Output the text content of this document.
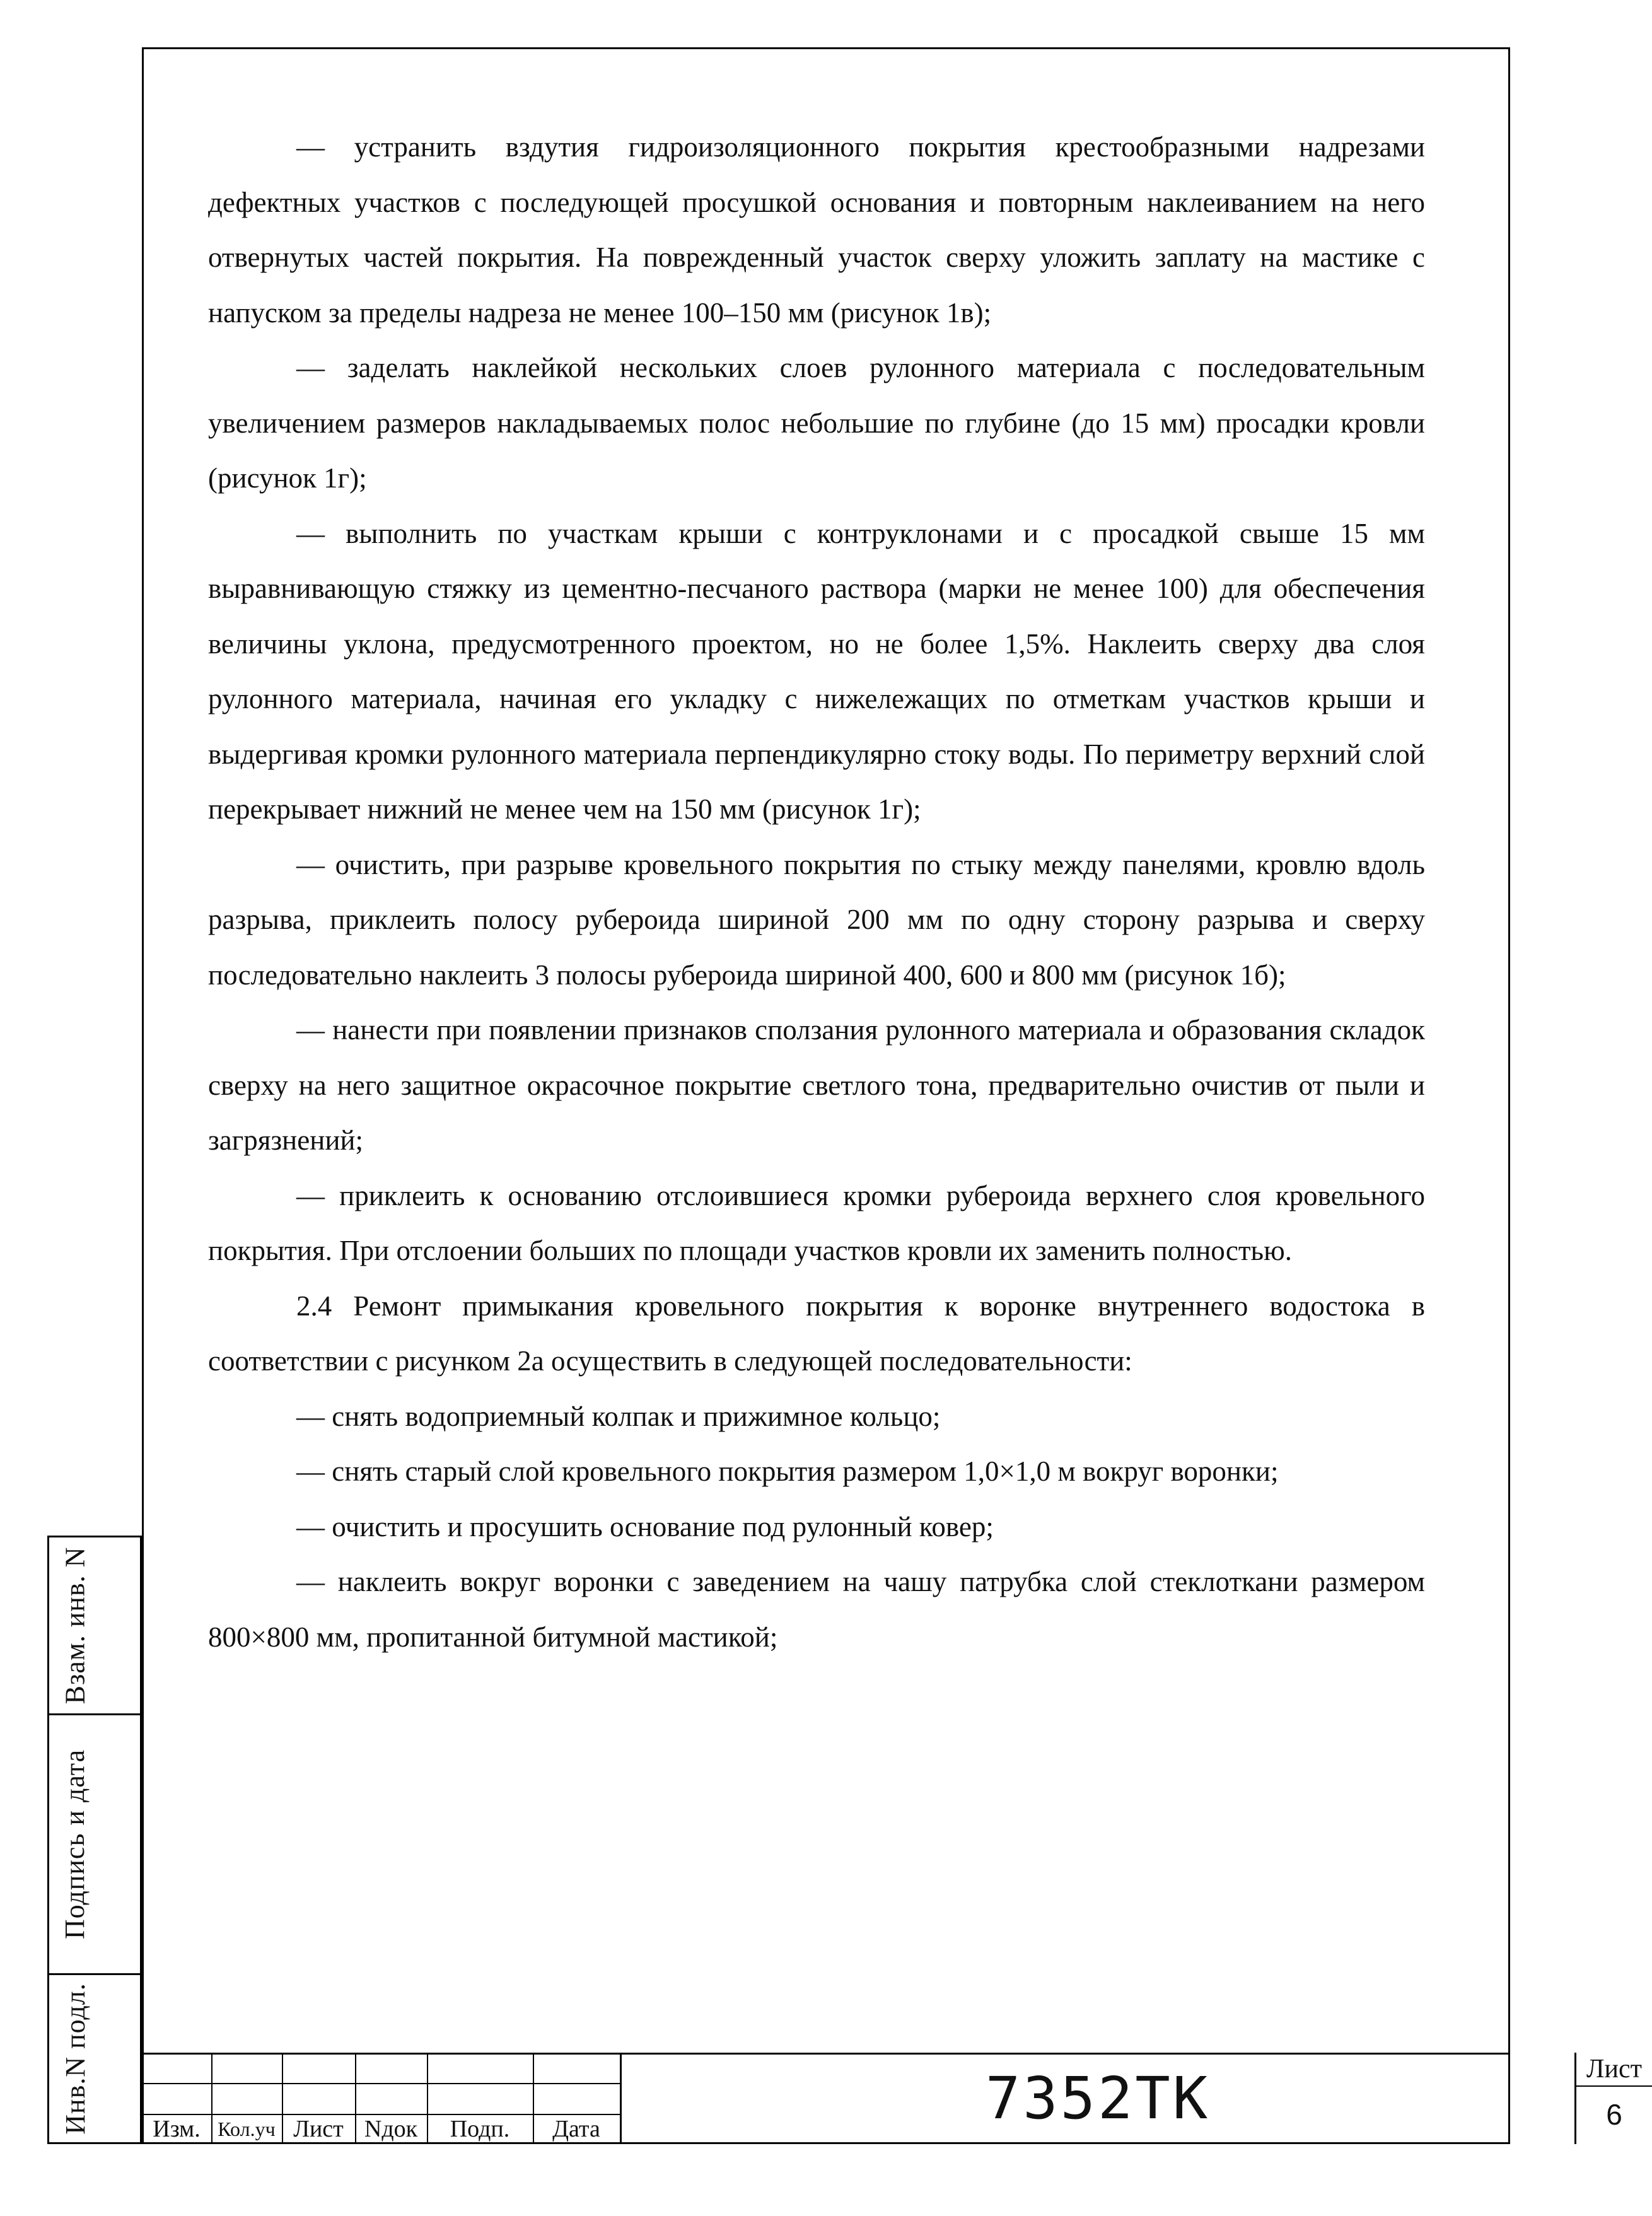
— устранить вздутия гидроизоляционного покрытия крестообразными надрезами дефектных участков с последующей просушкой основания и повторным наклеиванием на него отвернутых частей покрытия. На поврежденный участок сверху уложить заплату на мастике с напуском за пределы надреза не менее 100–150 мм (рисунок 1в);

— заделать наклейкой нескольких слоев рулонного материала с последовательным увеличением размеров накладываемых полос небольшие по глубине (до 15 мм) просадки кровли (рисунок 1г);

— выполнить по участкам крыши с контруклонами и с просадкой свыше 15 мм выравнивающую стяжку из цементно-песчаного раствора (марки не менее 100) для обеспечения величины уклона, предусмотренного проектом, но не более 1,5%. Наклеить сверху два слоя рулонного материала, начиная его укладку с нижележащих по отметкам участков крыши и выдергивая кромки рулонного материала перпендикулярно стоку воды. По периметру верхний слой перекрывает нижний не менее чем на 150 мм (рисунок 1г);

— очистить, при разрыве кровельного покрытия по стыку между панелями, кровлю вдоль разрыва, приклеить полосу рубероида шириной 200 мм по одну сторону разрыва и сверху последовательно наклеить 3 полосы рубероида шириной 400, 600 и 800 мм (рисунок 1б);

— нанести при появлении признаков сползания рулонного материала и образования складок сверху на него защитное окрасочное покрытие светлого тона, предварительно очистив от пыли и загрязнений;

— приклеить к основанию отслоившиеся кромки рубероида верхнего слоя кровельного покрытия. При отслоении больших по площади участков кровли их заменить полностью.

2.4 Ремонт примыкания кровельного покрытия к воронке внутреннего водостока в соответствии с рисунком 2а осуществить в следующей последовательности:

— снять водоприемный колпак и прижимное кольцо;

— снять старый слой кровельного покрытия размером 1,0×1,0 м вокруг воронки;

— очистить и просушить основание под рулонный ковер;

— наклеить вокруг воронки с заведением на чашу патрубка слой стеклоткани размером 800×800 мм, пропитанной битумной мастикой;

Взам. инв. N
Подпись и дата
Инв.N подл.	Изм. Кол.уч Лист Nдок	Подп.	Дата	7352ТК	Лист
6
